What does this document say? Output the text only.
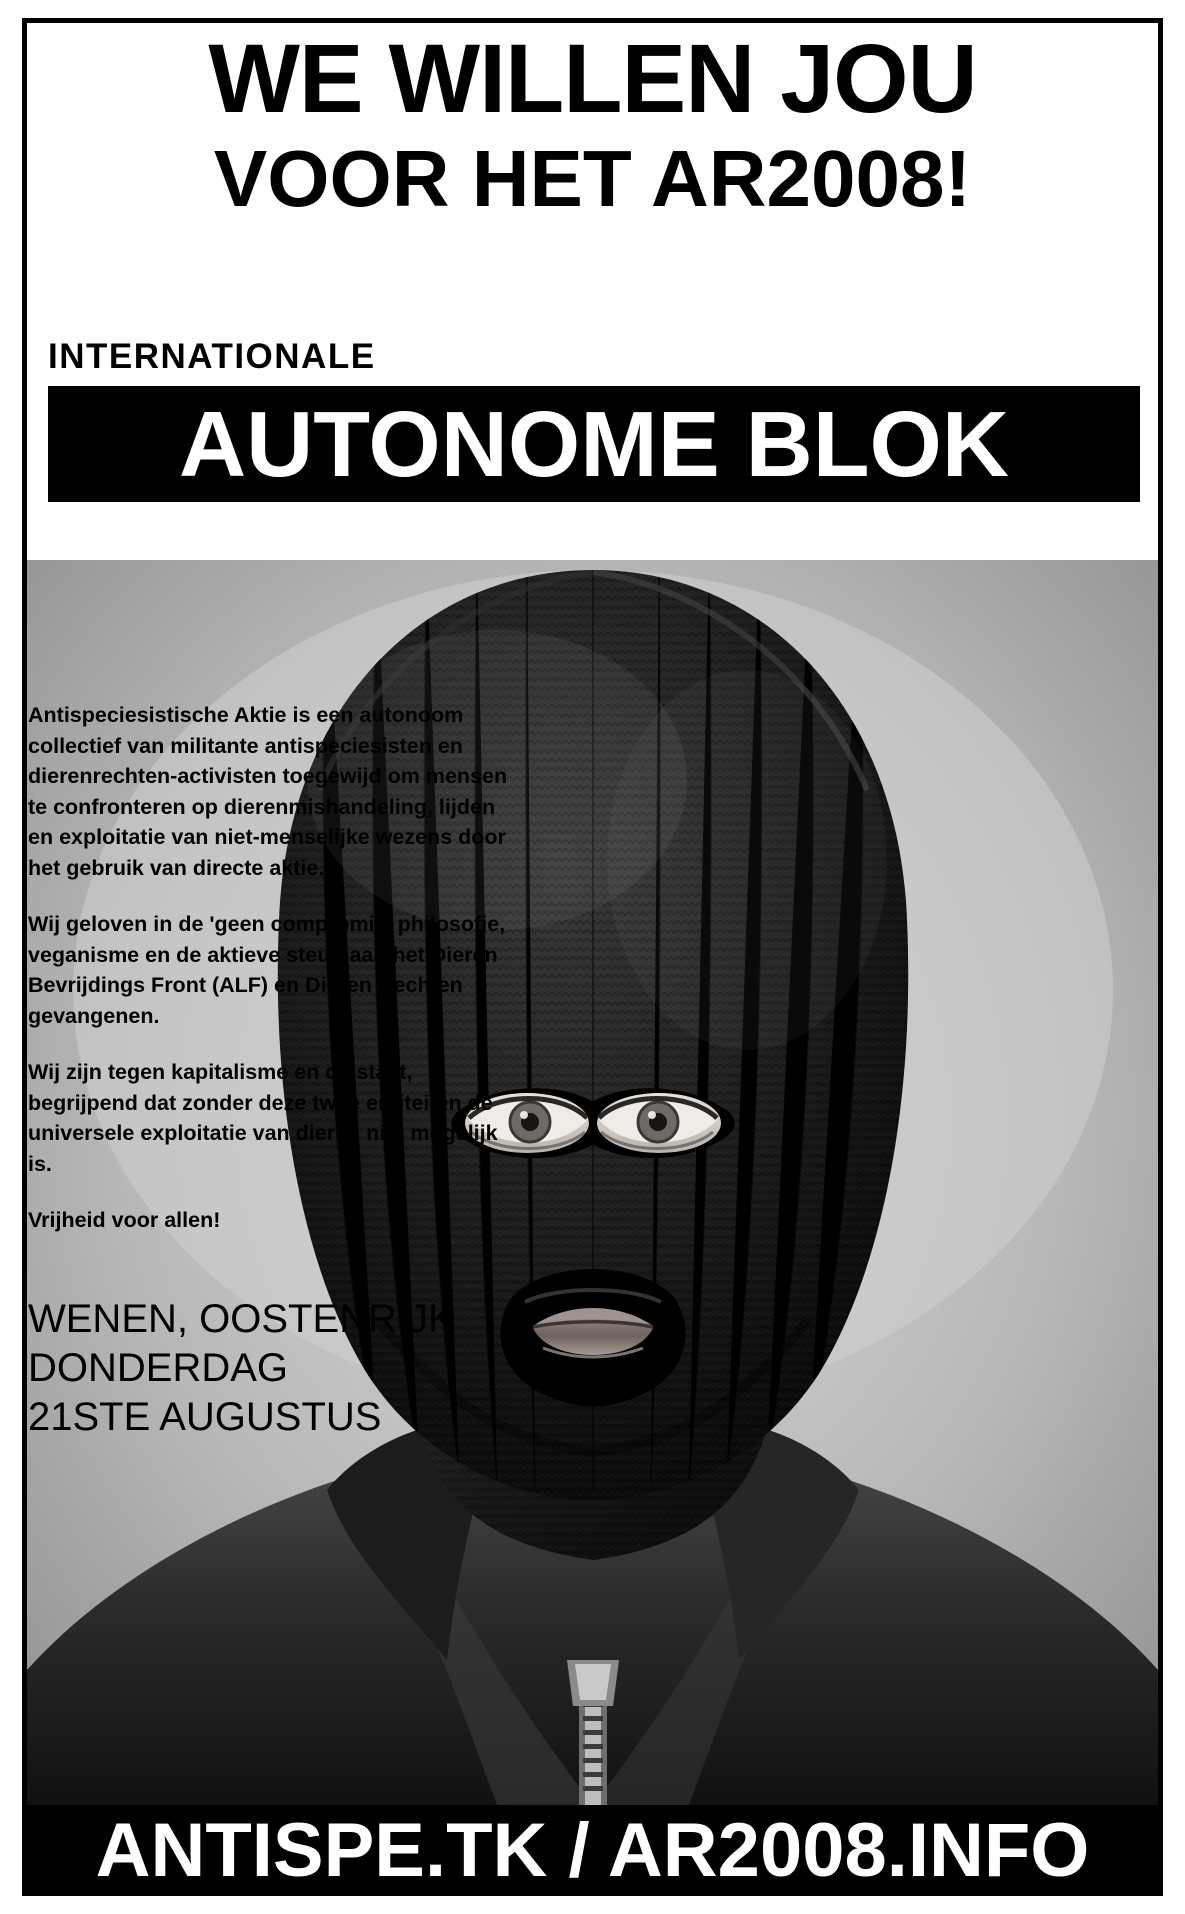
WE WILLEN JOU
VOOR HET AR2008!
INTERNATIONALE
AUTONOME BLOK

Antispeciesistische Aktie is een autonoom collectief van militante antispeciesisten en dierenrechten-activisten toegewijd om mensen te confronteren op dierenmishandeling, lijden en exploitatie van niet-menselijke wezens door het gebruik van directe aktie.

Wij geloven in de 'geen compromis' philosofie, veganisme en de aktieve steun aan het Dieren Bevrijdings Front (ALF) en Dieren Rechten gevangenen.

Wij zijn tegen kapitalisme en de staat, begrijpend dat zonder deze twee entiteiten de universele exploitatie van dieren niet mogelijk is.

Vrijheid voor allen!

WENEN, OOSTENRIJK
DONDERDAG
21STE AUGUSTUS
ANTISPE.TK / AR2008.INFO
